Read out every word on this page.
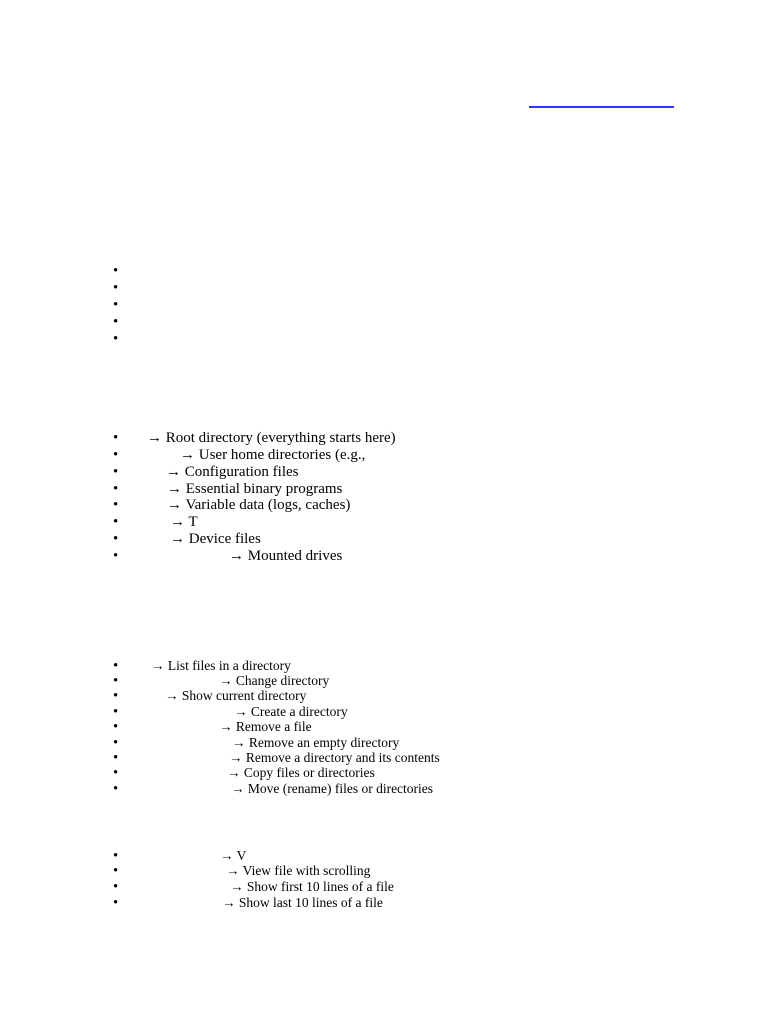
•
•
•
•
•
• → Root directory (everything starts here)
•	→ User home directories (e.g.,
•	→ Configuration files
•	→ Essential binary programs
•	→ Variable data (logs, caches)
•	→ T
•	→ Device files
•	→ Mounted drives
• → List files in a directory
•	→ Change directory
•	→ Show current directory
•	→ Create a directory
•	→ Remove a file
•	→ Remove an empty directory
•	→ Remove a directory and its contents
•	→ Copy files or directories
•	→ Move (rename) files or directories
•	→ V
•	→ View file with scrolling
•	→ Show first 10 lines of a file
•	→ Show last 10 lines of a file
